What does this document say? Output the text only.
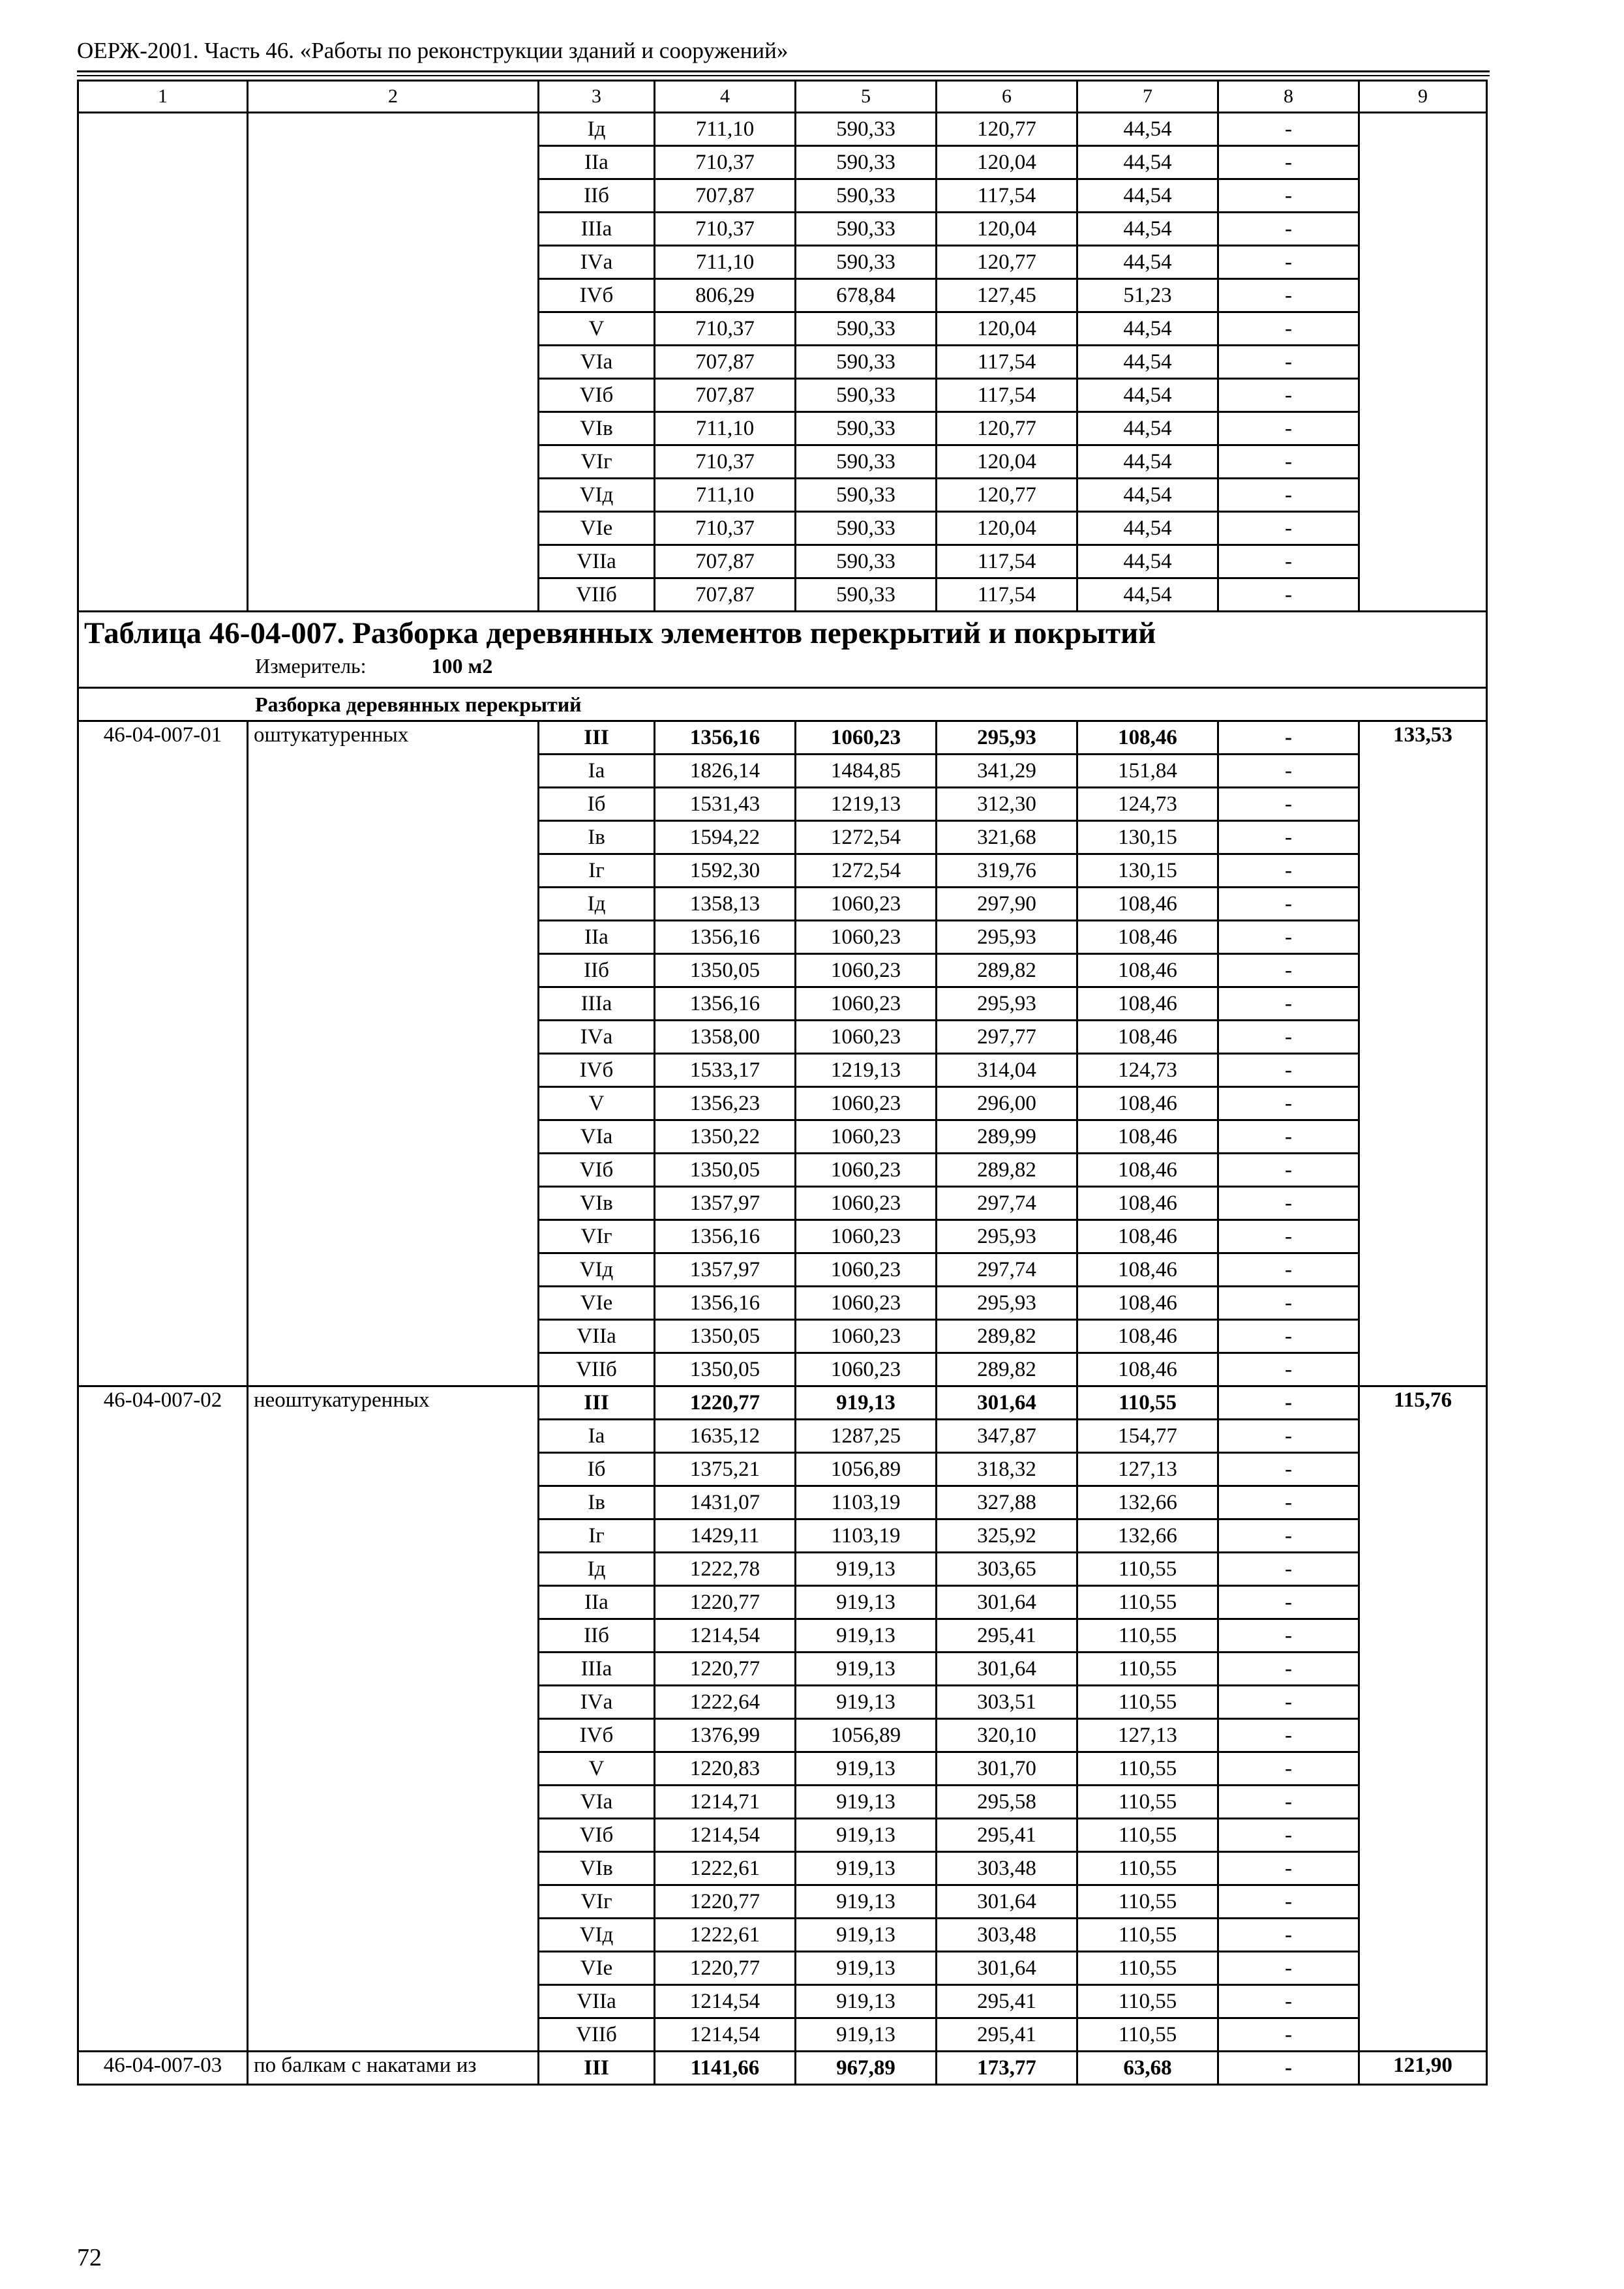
ОЕРЖ-2001. Часть 46. «Работы по реконструкции зданий и сооружений»
1	2	3	4	5	6	7	8	9
		Iд	711,10	590,33	120,77	44,54	-	
		IIа	710,37	590,33	120,04	44,54	-	
		IIб	707,87	590,33	117,54	44,54	-	
		IIIа	710,37	590,33	120,04	44,54	-	
		IVа	711,10	590,33	120,77	44,54	-	
		IVб	806,29	678,84	127,45	51,23	-	
		V	710,37	590,33	120,04	44,54	-	
		VIа	707,87	590,33	117,54	44,54	-	
		VIб	707,87	590,33	117,54	44,54	-	
		VIв	711,10	590,33	120,77	44,54	-	
		VIг	710,37	590,33	120,04	44,54	-	
		VIд	711,10	590,33	120,77	44,54	-	
		VIе	710,37	590,33	120,04	44,54	-	
		VIIа	707,87	590,33	117,54	44,54	-	
		VIIб	707,87	590,33	117,54	44,54	-	

Таблица 46-04-007. Разборка деревянных элементов перекрытий и покрытий
Измеритель: 100 м2								

Разборка деревянных перекрытий								
46-04-007-01	оштукатуренных	III	1356,16	1060,23	295,93	108,46	-	133,53
		Iа	1826,14	1484,85	341,29	151,84	-	
		Iб	1531,43	1219,13	312,30	124,73	-	
		Iв	1594,22	1272,54	321,68	130,15	-	
		Iг	1592,30	1272,54	319,76	130,15	-	
		Iд	1358,13	1060,23	297,90	108,46	-	
		IIа	1356,16	1060,23	295,93	108,46	-	
		IIб	1350,05	1060,23	289,82	108,46	-	
		IIIа	1356,16	1060,23	295,93	108,46	-	
		IVа	1358,00	1060,23	297,77	108,46	-	
		IVб	1533,17	1219,13	314,04	124,73	-	
		V	1356,23	1060,23	296,00	108,46	-	
		VIа	1350,22	1060,23	289,99	108,46	-	
		VIб	1350,05	1060,23	289,82	108,46	-	
		VIв	1357,97	1060,23	297,74	108,46	-	
		VIг	1356,16	1060,23	295,93	108,46	-	
		VIд	1357,97	1060,23	297,74	108,46	-	
		VIе	1356,16	1060,23	295,93	108,46	-	
		VIIа	1350,05	1060,23	289,82	108,46	-	
		VIIб	1350,05	1060,23	289,82	108,46	-	
46-04-007-02	неоштукатуренных	III	1220,77	919,13	301,64	110,55	-	115,76
		Iа	1635,12	1287,25	347,87	154,77	-	
		Iб	1375,21	1056,89	318,32	127,13	-	
		Iв	1431,07	1103,19	327,88	132,66	-	
		Iг	1429,11	1103,19	325,92	132,66	-	
		Iд	1222,78	919,13	303,65	110,55	-	
		IIа	1220,77	919,13	301,64	110,55	-	
		IIб	1214,54	919,13	295,41	110,55	-	
		IIIа	1220,77	919,13	301,64	110,55	-	
		IVа	1222,64	919,13	303,51	110,55	-	
		IVб	1376,99	1056,89	320,10	127,13	-	
		V	1220,83	919,13	301,70	110,55	-	
		VIа	1214,71	919,13	295,58	110,55	-	
		VIб	1214,54	919,13	295,41	110,55	-	
		VIв	1222,61	919,13	303,48	110,55	-	
		VIг	1220,77	919,13	301,64	110,55	-	
		VIд	1222,61	919,13	303,48	110,55	-	
		VIе	1220,77	919,13	301,64	110,55	-	
		VIIа	1214,54	919,13	295,41	110,55	-	
		VIIб	1214,54	919,13	295,41	110,55	-	
46-04-007-03	по балкам с накатами из	III	1141,66	967,89	173,77	63,68	-	121,90
72
